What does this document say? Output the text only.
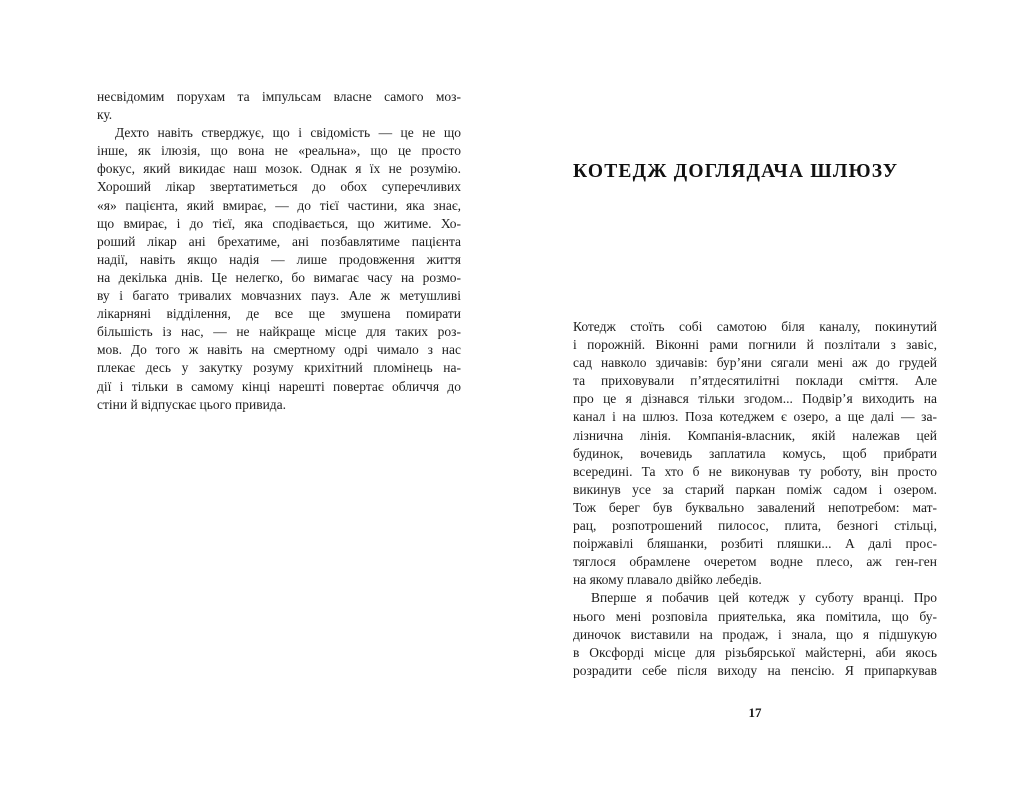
несвідомим порухам та імпульсам власне самого моз-
ку.
Дехто навіть стверджує, що і свідомість — це не що
інше, як ілюзія, що вона не «реальна», що це просто
фокус, який викидає наш мозок. Однак я їх не розумію.
Хороший лікар звертатиметься до обох суперечливих
«я» пацієнта, який вмирає, — до тієї частини, яка знає,
що вмирає, і до тієї, яка сподівається, що житиме. Хо-
роший лікар ані брехатиме, ані позбавлятиме пацієнта
надії, навіть якщо надія — лише продовження життя
на декілька днів. Це нелегко, бо вимагає часу на розмо-
ву і багато тривалих мовчазних пауз. Але ж метушливі
лікарняні відділення, де все ще змушена помирати
більшість із нас, — не найкраще місце для таких роз-
мов. До того ж навіть на смертному одрі чимало з нас
плекає десь у закутку розуму крихітний пломінець на-
дії і тільки в самому кінці нарешті повертає обличчя до
стіни й відпускає цього привида.
КОТЕДЖ ДОГЛЯДАЧА ШЛЮЗУ
Котедж стоїть собі самотою біля каналу, покинутий
і порожній. Віконні рами погнили й позлітали з завіс,
сад навколо здичавів: бур’яни сягали мені аж до грудей
та приховували п’ятдесятилітні поклади сміття. Але
про це я дізнався тільки згодом... Подвір’я виходить на
канал і на шлюз. Поза котеджем є озеро, а ще далі — за-
лізнична лінія. Компанія-власник, якій належав цей
будинок, вочевидь заплатила комусь, щоб прибрати
всередині. Та хто б не виконував ту роботу, він просто
викинув усе за старий паркан поміж садом і озером.
Тож берег був буквально завалений непотребом: мат-
рац, розпотрошений пилосос, плита, безногі стільці,
поіржавілі бляшанки, розбиті пляшки... А далі прос-
тяглося обрамлене очеретом водне плесо, аж ген-ген
на якому плавало двійко лебедів.
Вперше я побачив цей котедж у суботу вранці. Про
нього мені розповіла приятелька, яка помітила, що бу-
диночок виставили на продаж, і знала, що я підшукую
в Оксфорді місце для різьбярської майстерні, аби якось
розрадити себе після виходу на пенсію. Я припаркував
17
